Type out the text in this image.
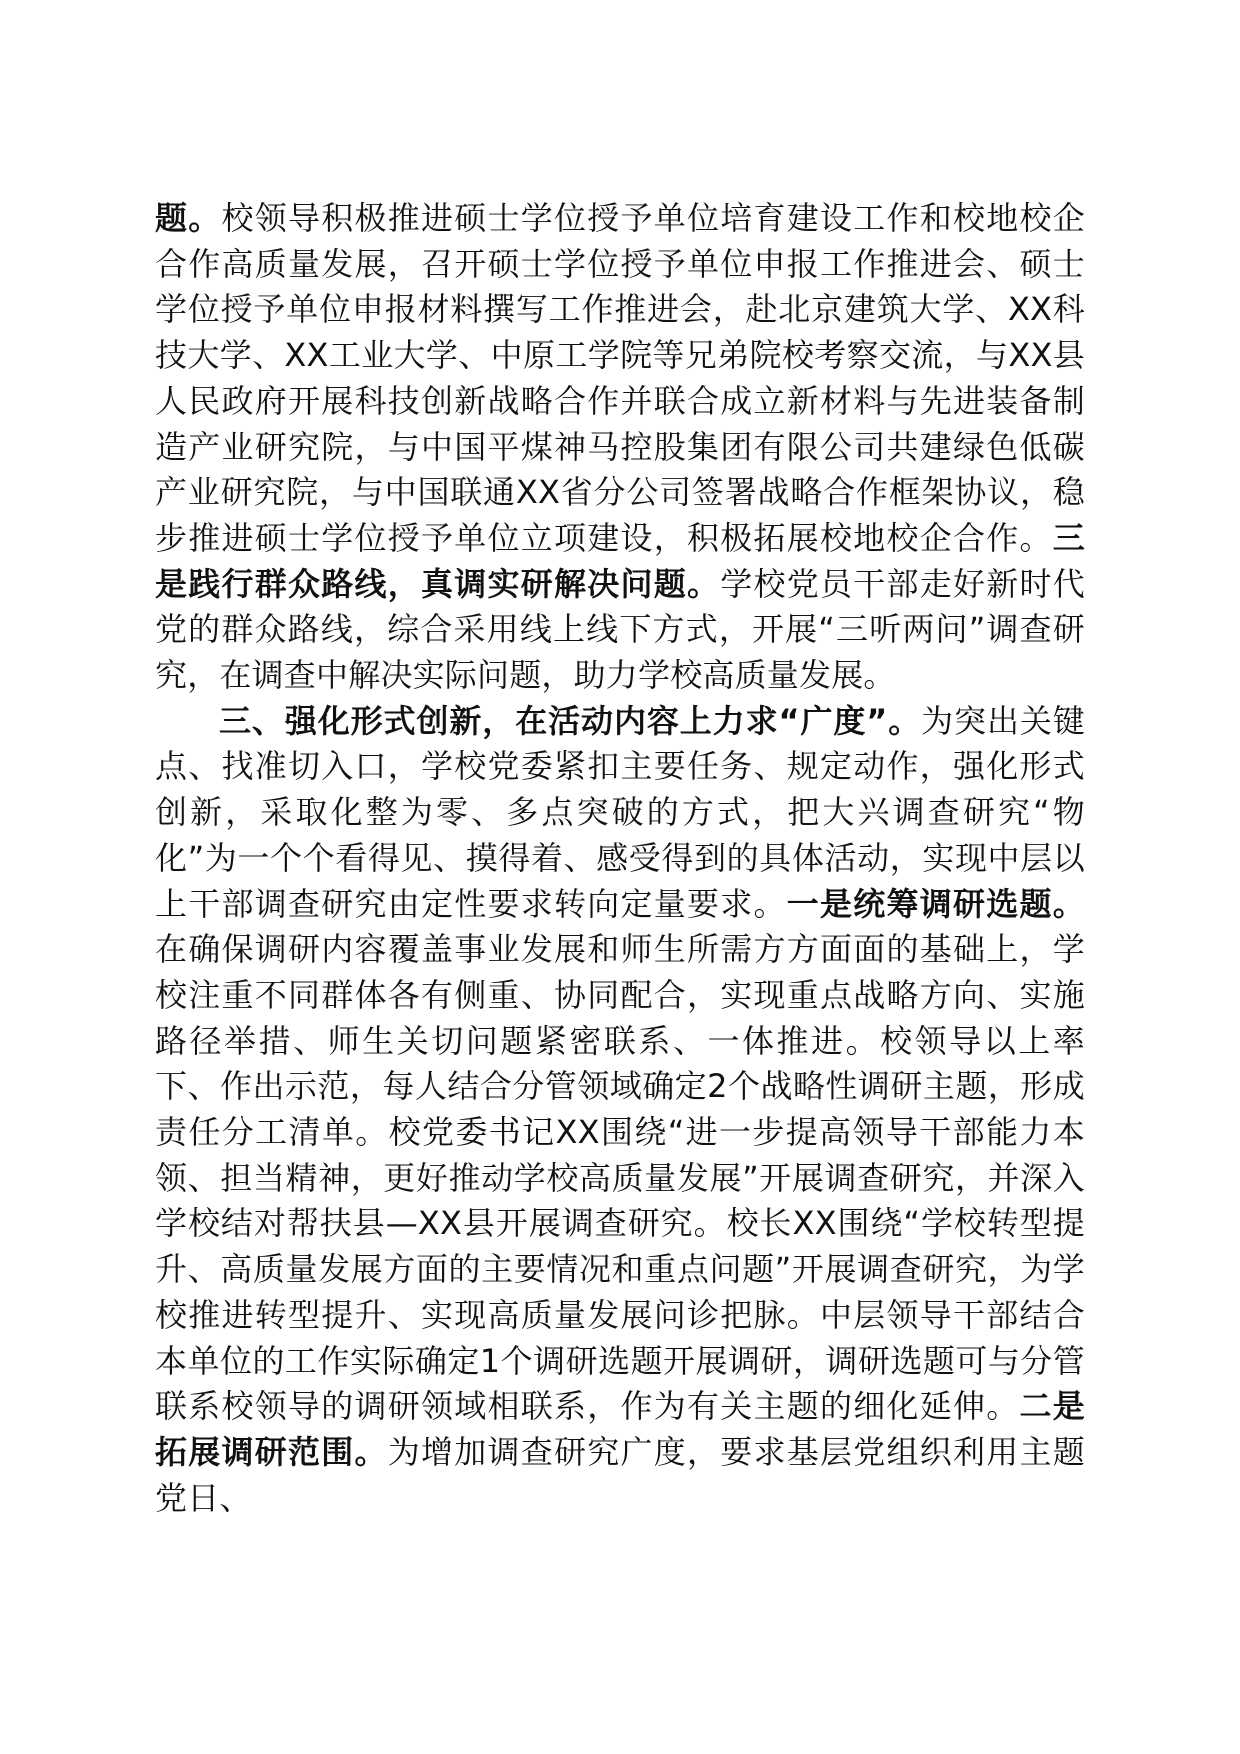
题。校领导积极推进硕士学位授予单位培育建设工作和校地校企合作高质量发展，召开硕士学位授予单位申报工作推进会、硕士学位授予单位申报材料撰写工作推进会，赴北京建筑大学、XX科技大学、XX工业大学、中原工学院等兄弟院校考察交流，与XX县人民政府开展科技创新战略合作并联合成立新材料与先进装备制造产业研究院，与中国平煤神马控股集团有限公司共建绿色低碳产业研究院，与中国联通XX省分公司签署战略合作框架协议，稳步推进硕士学位授予单位立项建设，积极拓展校地校企合作。三是践行群众路线，真调实研解决问题。学校党员干部走好新时代党的群众路线，综合采用线上线下方式，开展“三听两问”调查研究，在调查中解决实际问题，助力学校高质量发展。

三、强化形式创新，在活动内容上力求“广度”。为突出关键点、找准切入口，学校党委紧扣主要任务、规定动作，强化形式创新，采取化整为零、多点突破的方式，把大兴调查研究“物化”为一个个看得见、摸得着、感受得到的具体活动，实现中层以上干部调查研究由定性要求转向定量要求。一是统筹调研选题。在确保调研内容覆盖事业发展和师生所需方方面面的基础上，学校注重不同群体各有侧重、协同配合，实现重点战略方向、实施路径举措、师生关切问题紧密联系、一体推进。校领导以上率下、作出示范，每人结合分管领域确定2个战略性调研主题，形成责任分工清单。校党委书记XX围绕“进一步提高领导干部能力本领、担当精神，更好推动学校高质量发展”开展调查研究，并深入学校结对帮扶县—XX县开展调查研究。校长XX围绕“学校转型提升、高质量发展方面的主要情况和重点问题”开展调查研究，为学校推进转型提升、实现高质量发展问诊把脉。中层领导干部结合本单位的工作实际确定1个调研选题开展调研，调研选题可与分管联系校领导的调研领域相联系，作为有关主题的细化延伸。二是拓展调研范围。为增加调查研究广度，要求基层党组织利用主题党日、
